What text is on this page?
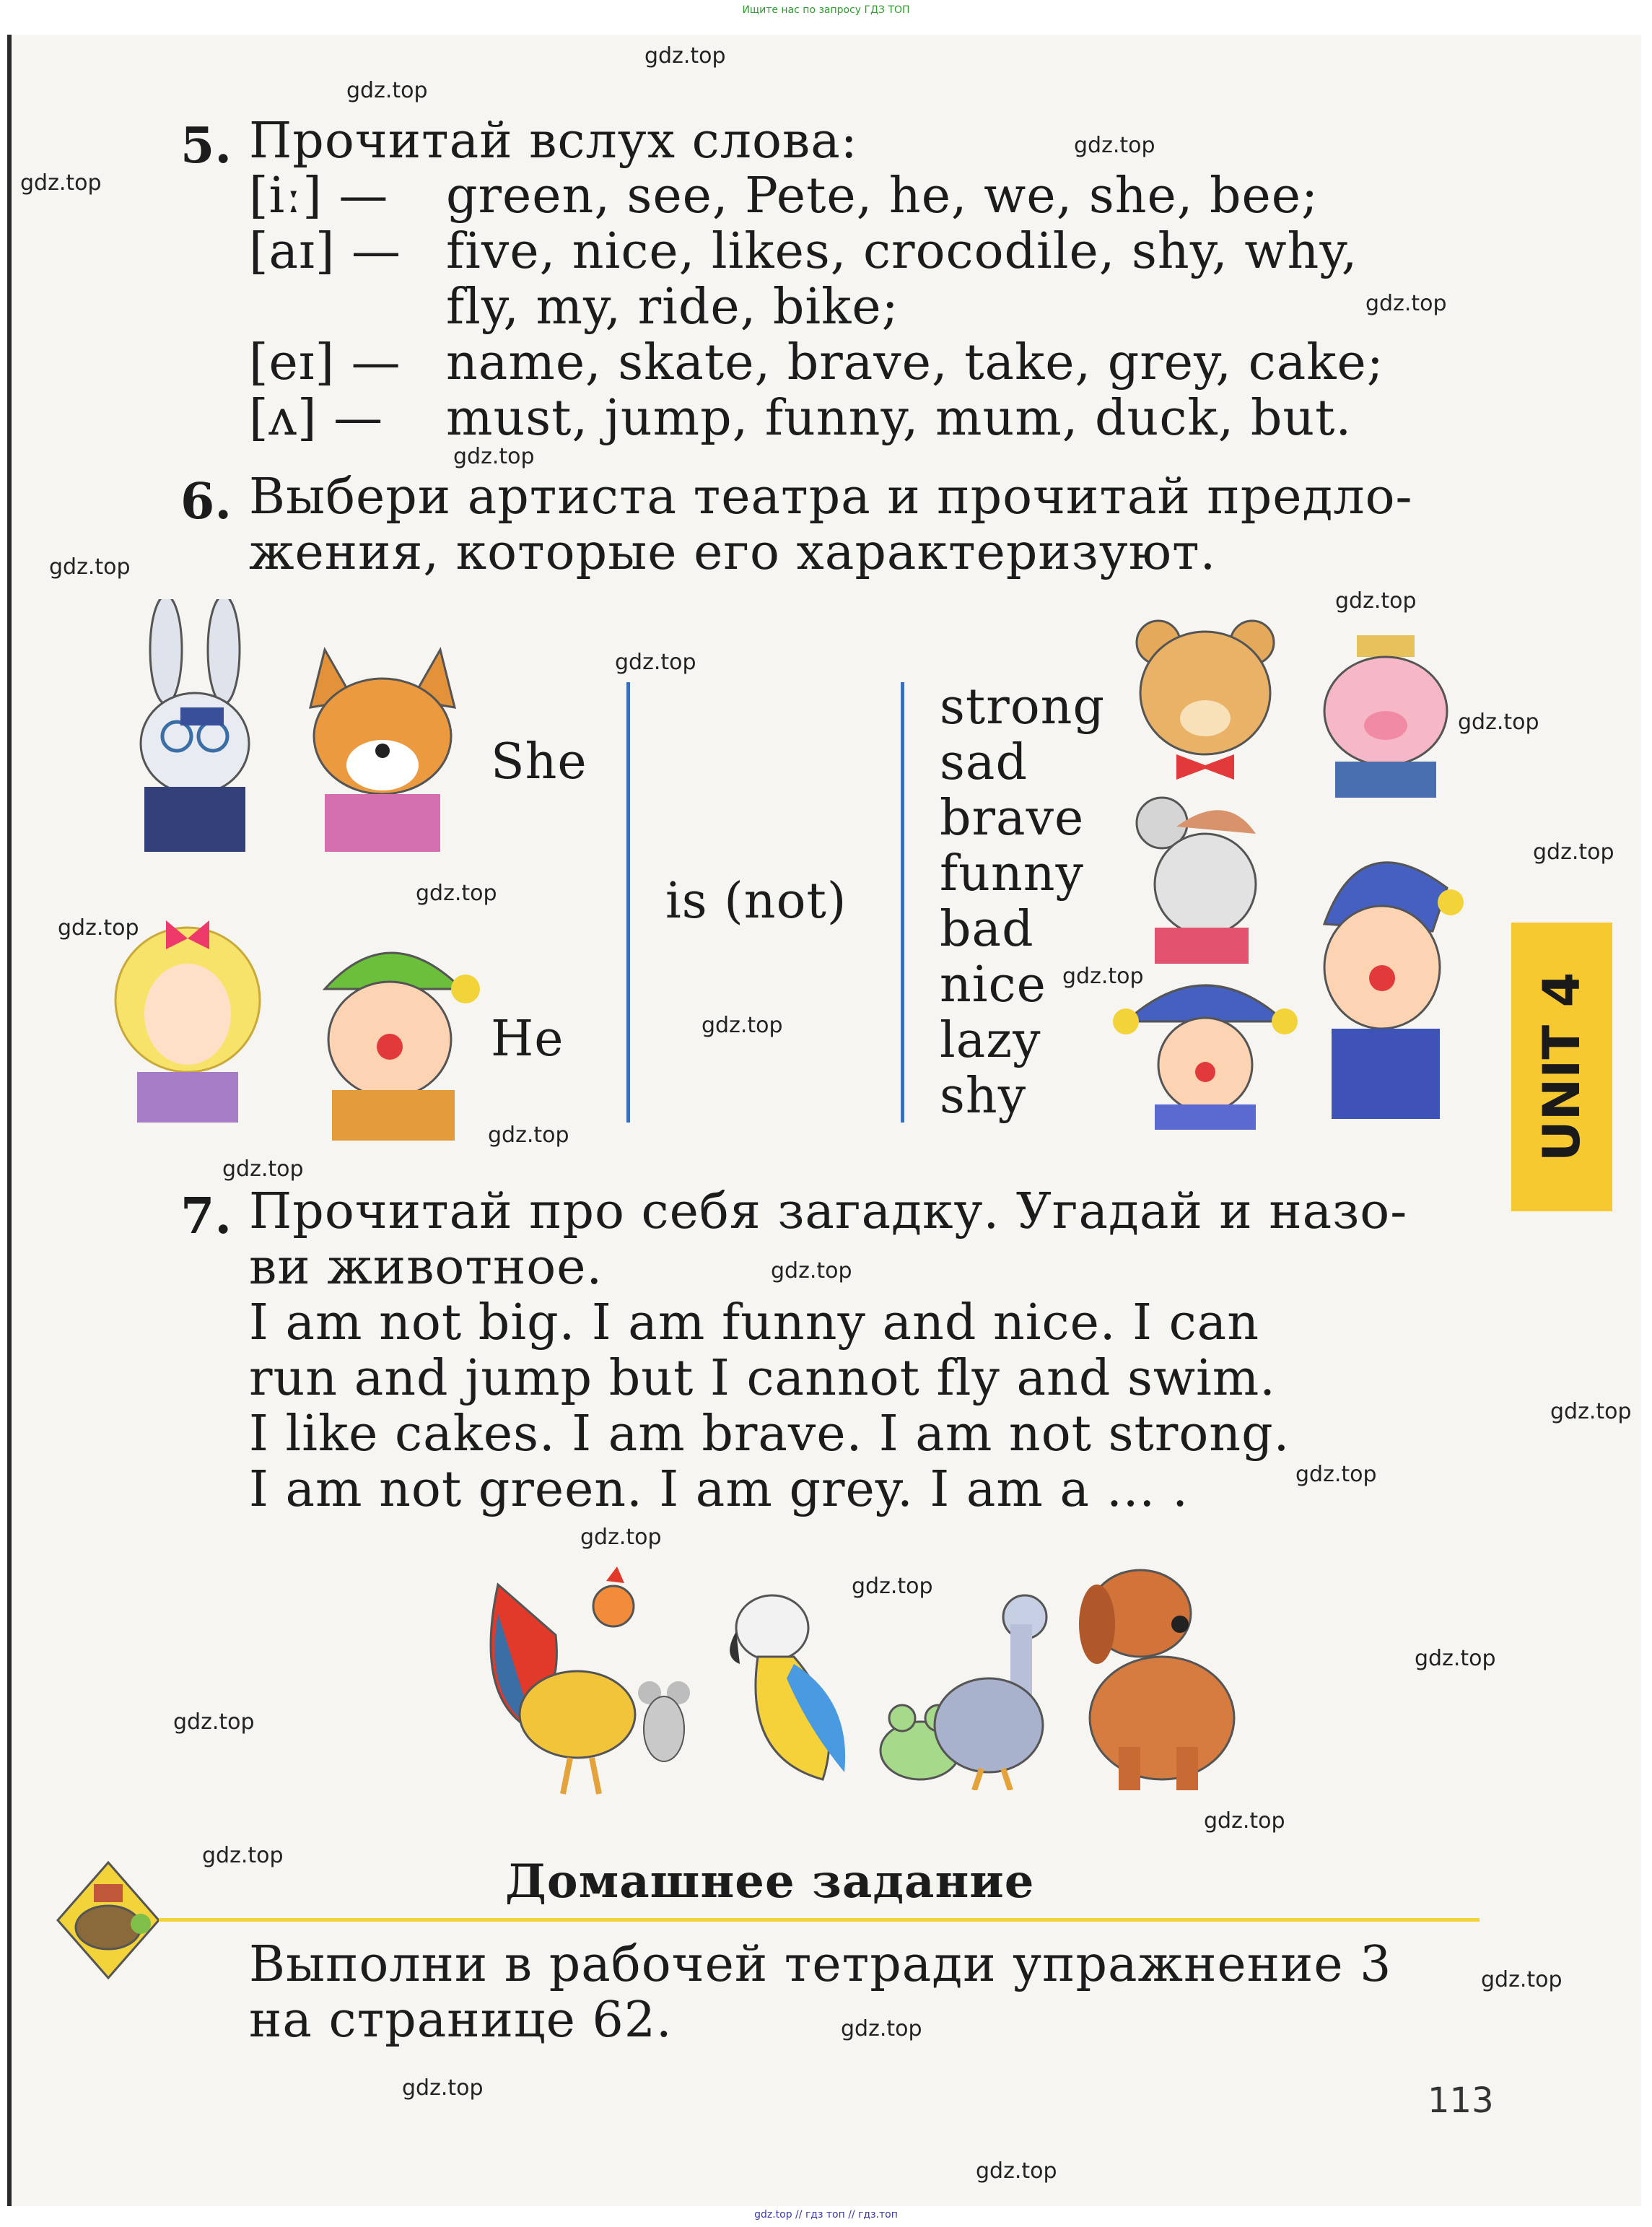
Ищите нас по запросу ГДЗ ТОП
5. Прочитай вслух слова:
[iː] — green, see, Pete, he, we, she, bee;
[aɪ] — five, nice, likes, crocodile, shy, why,
fly, my, ride, bike;
[eɪ] — name, skate, brave, take, grey, cake;
[ʌ] — must, jump, funny, mum, duck, but.
6. Выбери артиста театра и прочитай предло-
жения, которые его характеризуют.
She
He
is (not)
strong
sad
brave
funny
bad
nice
lazy
shy
7. Прочитай про себя загадку. Угадай и назо-
ви животное.
I am not big. I am funny and nice. I can
run and jump but I cannot fly and swim.
I like cakes. I am brave. I am not strong.
I am not green. I am grey. I am a … .
Домашнее задание
Выполни в рабочей тетради упражнение 3
на странице 62.
UNIT 4
113
gdz.top
gdz.top
gdz.top
gdz.top
gdz.top
gdz.top
gdz.top
gdz.top
gdz.top
gdz.top
gdz.top
gdz.top
gdz.top
gdz.top
gdz.top
gdz.top
gdz.top
gdz.top
gdz.top
gdz.top
gdz.top
gdz.top
gdz.top
gdz.top
gdz.top
gdz.top
gdz.top
gdz.top
gdz.top
gdz.top
gdz.top // гдз топ // гдз.топ
